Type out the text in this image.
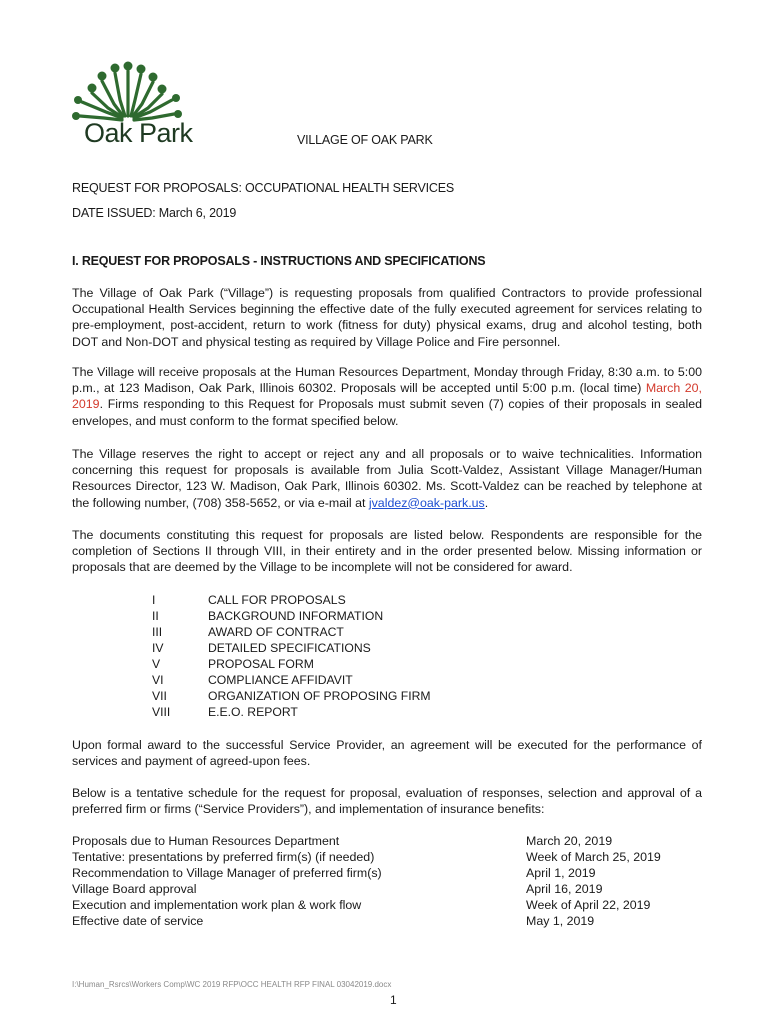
Oak Park	VILLAGE OF OAK PARK
REQUEST FOR PROPOSALS: OCCUPATIONAL HEALTH SERVICES
DATE ISSUED: March 6, 2019
I. REQUEST FOR PROPOSALS - INSTRUCTIONS AND SPECIFICATIONS

The Village of Oak Park (“Village”) is requesting proposals from qualified Contractors to provide professional Occupational Health Services beginning the effective date of the fully executed agreement for services relating to pre-employment, post-accident, return to work (fitness for duty) physical exams, drug and alcohol testing, both DOT and Non-DOT and physical testing as required by Village Police and Fire personnel.

The Village will receive proposals at the Human Resources Department, Monday through Friday, 8:30 a.m. to 5:00 p.m., at 123 Madison, Oak Park, Illinois 60302. Proposals will be accepted until 5:00 p.m. (local time) March 20, 2019. Firms responding to this Request for Proposals must submit seven (7) copies of their proposals in sealed envelopes, and must conform to the format specified below.

The Village reserves the right to accept or reject any and all proposals or to waive technicalities. Information concerning this request for proposals is available from Julia Scott-Valdez, Assistant Village Manager/Human Resources Director, 123 W. Madison, Oak Park, Illinois 60302. Ms. Scott-Valdez can be reached by telephone at the following number, (708) 358-5652, or via e-mail at jvaldez@oak-park.us.

The documents constituting this request for proposals are listed below. Respondents are responsible for the completion of Sections II through VIII, in their entirety and in the order presented below. Missing information or proposals that are deemed by the Village to be incomplete will not be considered for award.

I	CALL FOR PROPOSALS
II	BACKGROUND INFORMATION
III	AWARD OF CONTRACT
IV	DETAILED SPECIFICATIONS
V	PROPOSAL FORM
VI	COMPLIANCE AFFIDAVIT
VII	ORGANIZATION OF PROPOSING FIRM
VIII	E.E.O. REPORT

Upon formal award to the successful Service Provider, an agreement will be executed for the performance of services and payment of agreed-upon fees.

Below is a tentative schedule for the request for proposal, evaluation of responses, selection and approval of a preferred firm or firms (“Service Providers”), and implementation of insurance benefits:

Proposals due to Human Resources Department	March 20, 2019
Tentative: presentations by preferred firm(s) (if needed)	Week of March 25, 2019
Recommendation to Village Manager of preferred firm(s)	April 1, 2019
Village Board approval	April 16, 2019
Execution and implementation work plan & work flow	Week of April 22, 2019
Effective date of service	May 1, 2019
I:\Human_Rsrcs\Workers Comp\WC 2019 RFP\OCC HEALTH RFP FINAL 03042019.docx
1
